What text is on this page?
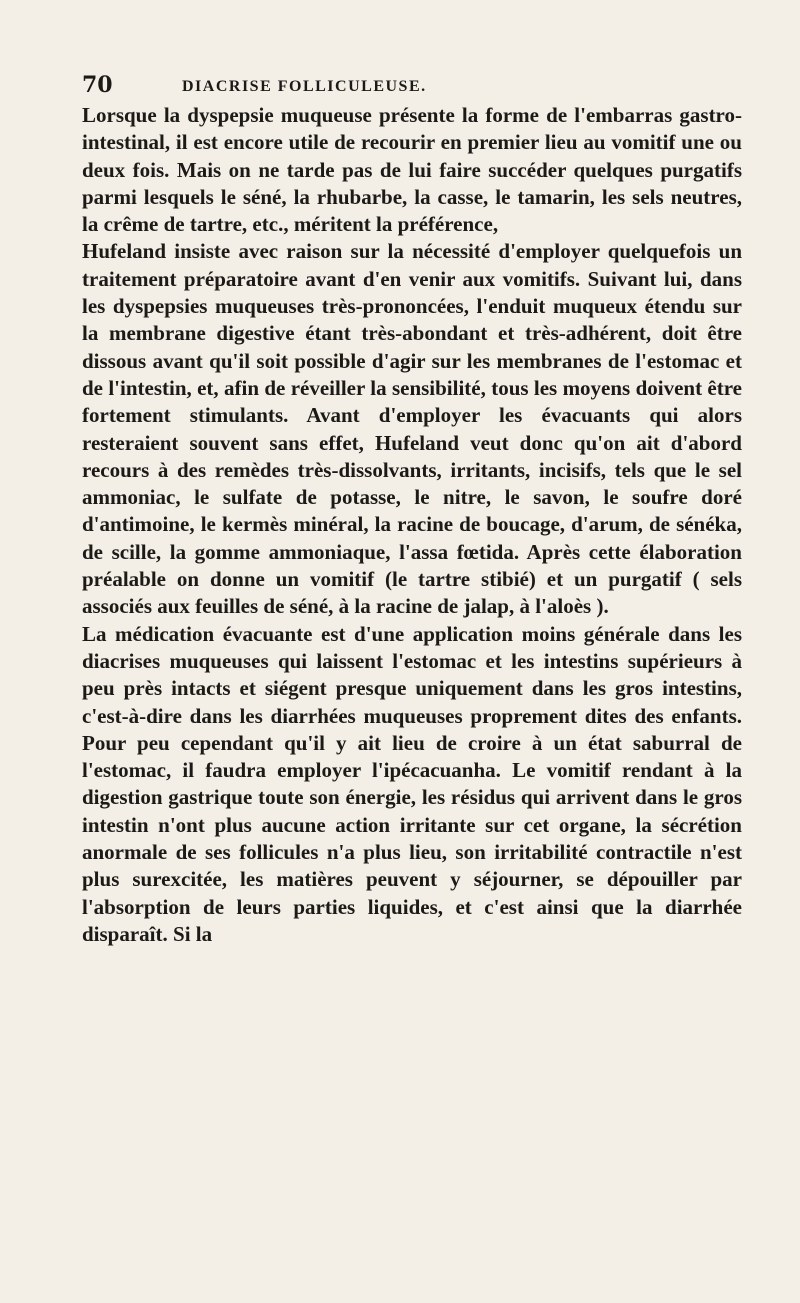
70	DIACRISE FOLLICULEUSE.

Lorsque la dyspepsie muqueuse présente la forme de l'embarras gastro-intestinal, il est encore utile de recourir en premier lieu au vomitif une ou deux fois. Mais on ne tarde pas de lui faire succéder quelques purgatifs parmi lesquels le séné, la rhubarbe, la casse, le tamarin, les sels neutres, la crême de tartre, etc., méritent la préférence,

Hufeland insiste avec raison sur la nécessité d'employer quelquefois un traitement préparatoire avant d'en venir aux vomitifs. Suivant lui, dans les dyspepsies muqueuses très-prononcées, l'enduit muqueux étendu sur la membrane digestive étant très-abondant et très-adhérent, doit être dissous avant qu'il soit possible d'agir sur les membranes de l'estomac et de l'intestin, et, afin de réveiller la sensibilité, tous les moyens doivent être fortement stimulants. Avant d'employer les évacuants qui alors resteraient souvent sans effet, Hufeland veut donc qu'on ait d'abord recours à des remèdes très-dissolvants, irritants, incisifs, tels que le sel ammoniac, le sulfate de potasse, le nitre, le savon, le soufre doré d'antimoine, le kermès minéral, la racine de boucage, d'arum, de sénéka, de scille, la gomme ammoniaque, l'assa fœtida. Après cette élaboration préalable on donne un vomitif (le tartre stibié) et un purgatif ( sels associés aux feuilles de séné, à la racine de jalap, à l'aloès ).

La médication évacuante est d'une application moins générale dans les diacrises muqueuses qui laissent l'estomac et les intestins supérieurs à peu près intacts et siégent presque uniquement dans les gros intestins, c'est-à-dire dans les diarrhées muqueuses proprement dites des enfants. Pour peu cependant qu'il y ait lieu de croire à un état saburral de l'estomac, il faudra employer l'ipécacuanha. Le vomitif rendant à la digestion gastrique toute son énergie, les résidus qui arrivent dans le gros intestin n'ont plus aucune action irritante sur cet organe, la sécrétion anormale de ses follicules n'a plus lieu, son irritabilité contractile n'est plus surexcitée, les matières peuvent y séjourner, se dépouiller par l'absorption de leurs parties liquides, et c'est ainsi que la diarrhée disparaît. Si la
